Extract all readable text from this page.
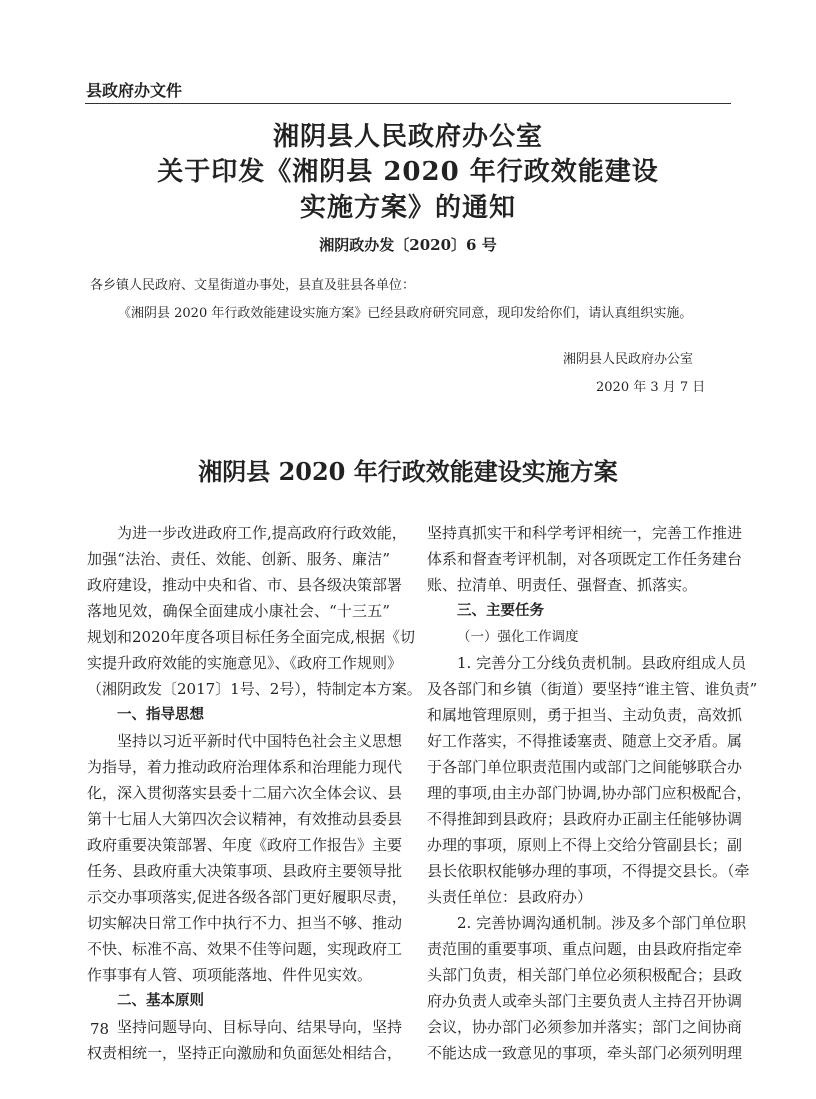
县政府办文件
湘阴县人民政府办公室
关于印发《湘阴县 2020 年行政效能建设
实施方案》的通知
湘阴政办发〔2020〕6 号
各乡镇人民政府、文星街道办事处，县直及驻县各单位：
《湘阴县 2020 年行政效能建设实施方案》已经县政府研究同意，现印发给你们，请认真组织实施。
湘阴县人民政府办公室
2020 年 3 月 7 日
湘阴县 2020 年行政效能建设实施方案
为进一步改进政府工作,提高政府行政效能，
加强“法治、责任、效能、创新、服务、廉洁”
政府建设，推动中央和省、市、县各级决策部署
落地见效，确保全面建成小康社会、“十三五”
规划和2020年度各项目标任务全面完成,根据《切
实提升政府效能的实施意见》、《政府工作规则》
（湘阴政发〔2017〕1号、2号），特制定本方案。
一、指导思想
坚持以习近平新时代中国特色社会主义思想
为指导，着力推动政府治理体系和治理能力现代
化，深入贯彻落实县委十二届六次全体会议、县
第十七届人大第四次会议精神，有效推动县委县
政府重要决策部署、年度《政府工作报告》主要
任务、县政府重大决策事项、县政府主要领导批
示交办事项落实,促进各级各部门更好履职尽责，
切实解决日常工作中执行不力、担当不够、推动
不快、标准不高、效果不佳等问题，实现政府工
作事事有人管、项项能落地、件件见实效。
二、基本原则
坚持问题导向、目标导向、结果导向，坚持
权责相统一，坚持正向激励和负面惩处相结合，
坚持真抓实干和科学考评相统一，完善工作推进
体系和督查考评机制，对各项既定工作任务建台
账、拉清单、明责任、强督查、抓落实。
三、主要任务
（一）强化工作调度
1. 完善分工分线负责机制。县政府组成人员
及各部门和乡镇（街道）要坚持“谁主管、谁负责”
和属地管理原则，勇于担当、主动负责，高效抓
好工作落实，不得推诿塞责、随意上交矛盾。属
于各部门单位职责范围内或部门之间能够联合办
理的事项,由主办部门协调,协办部门应积极配合，
不得推卸到县政府；县政府办正副主任能够协调
办理的事项，原则上不得上交给分管副县长；副
县长依职权能够办理的事项，不得提交县长。（牵
头责任单位：县政府办）
2. 完善协调沟通机制。涉及多个部门单位职
责范围的重要事项、重点问题，由县政府指定牵
头部门负责，相关部门单位必须积极配合；县政
府办负责人或牵头部门主要负责人主持召开协调
会议，协办部门必须参加并落实；部门之间协商
不能达成一致意见的事项，牵头部门必须列明理
78
